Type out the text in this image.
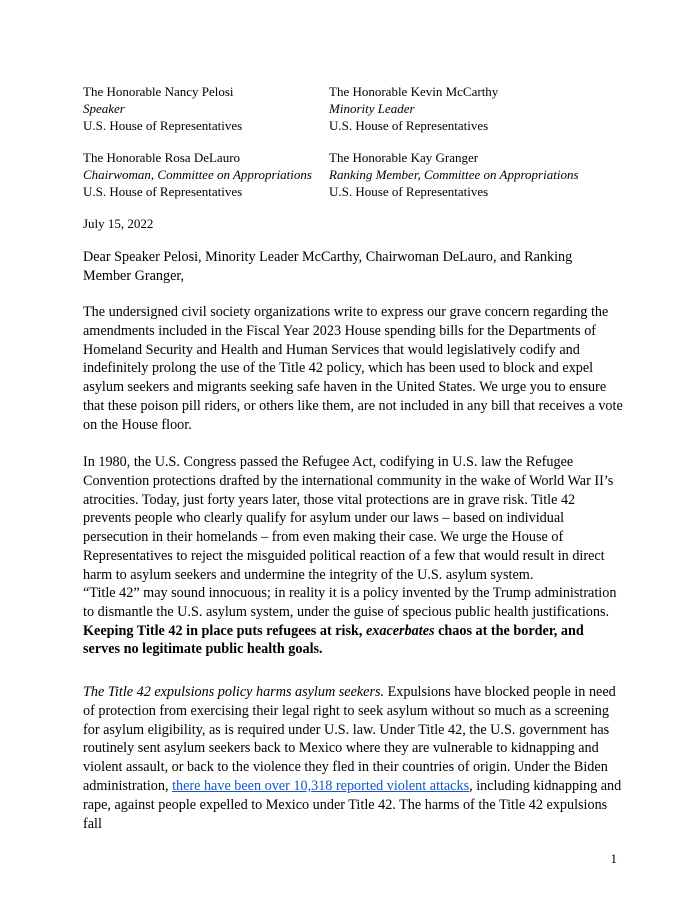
The Honorable Nancy Pelosi
Speaker
U.S. House of Representatives
The Honorable Kevin McCarthy
Minority Leader
U.S. House of Representatives
The Honorable Rosa DeLauro
Chairwoman, Committee on Appropriations
U.S. House of Representatives
The Honorable Kay Granger
Ranking Member, Committee on Appropriations
U.S. House of Representatives
July 15, 2022
Dear Speaker Pelosi, Minority Leader McCarthy, Chairwoman DeLauro, and Ranking Member Granger,
The undersigned civil society organizations write to express our grave concern regarding the amendments included in the Fiscal Year 2023 House spending bills for the Departments of Homeland Security and Health and Human Services that would legislatively codify and indefinitely prolong the use of the Title 42 policy, which has been used to block and expel asylum seekers and migrants seeking safe haven in the United States. We urge you to ensure that these poison pill riders, or others like them, are not included in any bill that receives a vote on the House floor.
In 1980, the U.S. Congress passed the Refugee Act, codifying in U.S. law the Refugee Convention protections drafted by the international community in the wake of World War II’s atrocities. Today, just forty years later, those vital protections are in grave risk. Title 42 prevents people who clearly qualify for asylum under our laws – based on individual persecution in their homelands – from even making their case. We urge the House of Representatives to reject the misguided political reaction of a few that would result in direct harm to asylum seekers and undermine the integrity of the U.S. asylum system.
“Title 42” may sound innocuous; in reality it is a policy invented by the Trump administration to dismantle the U.S. asylum system, under the guise of specious public health justifications. Keeping Title 42 in place puts refugees at risk, exacerbates chaos at the border, and serves no legitimate public health goals.
The Title 42 expulsions policy harms asylum seekers. Expulsions have blocked people in need of protection from exercising their legal right to seek asylum without so much as a screening for asylum eligibility, as is required under U.S. law. Under Title 42, the U.S. government has routinely sent asylum seekers back to Mexico where they are vulnerable to kidnapping and violent assault, or back to the violence they fled in their countries of origin. Under the Biden administration, there have been over 10,318 reported violent attacks, including kidnapping and rape, against people expelled to Mexico under Title 42. The harms of the Title 42 expulsions fall
1
